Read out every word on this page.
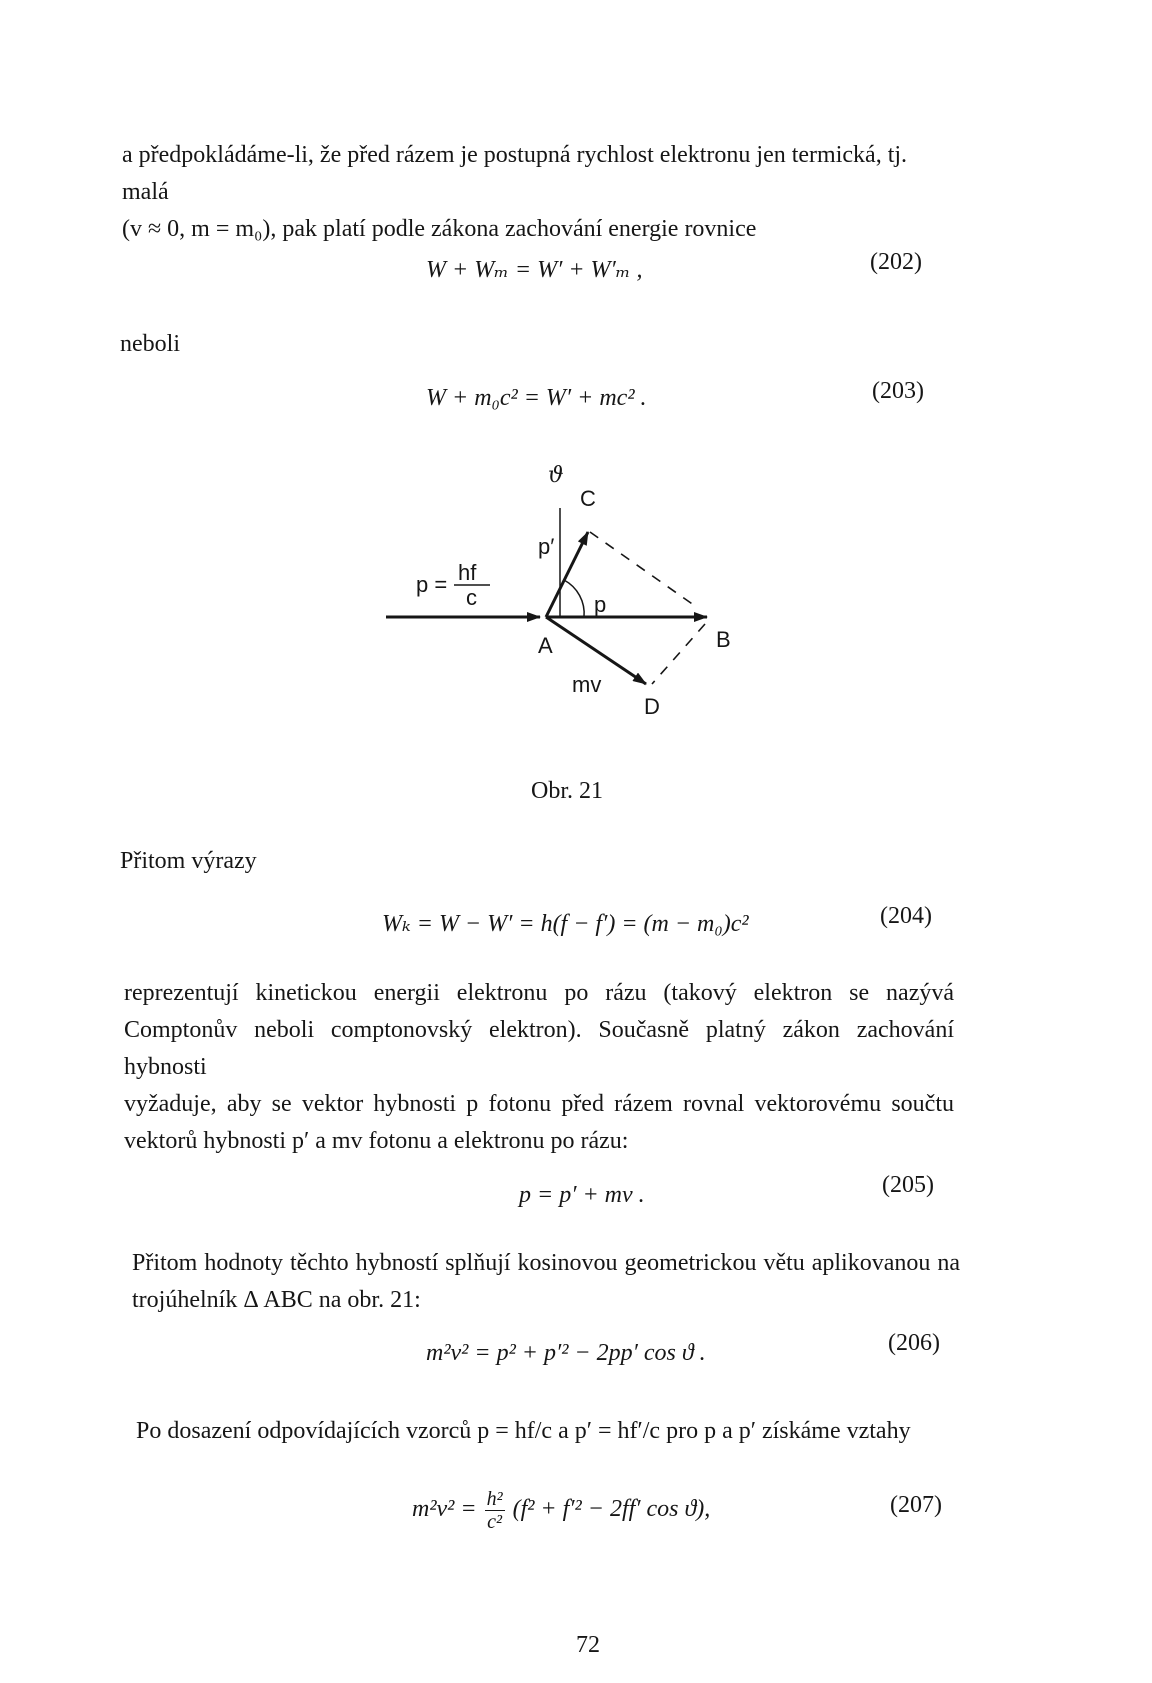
a předpokládáme-li, že před rázem je postupná rychlost elektronu jen termická, tj. malá
(v ≈ 0, m = m₀), pak platí podle zákona zachování energie rovnice

W + Wₘ = W′ + W′ₘ ,	(202)
neboli
W + m₀c² = W′ + mc² .	(203)
ϑ
C
p′
p
A	B
mv
D
p = hf
c
Obr. 21
Přitom výrazy
Wₖ = W − W′ = h(f − f′) = (m − m₀)c²	(204)
reprezentují kinetickou energii elektronu po rázu (takový elektron se nazývá
Comptonův neboli comptonovský elektron). Současně platný zákon zachování hybnosti
vyžaduje, aby se vektor hybnosti p fotonu před rázem rovnal vektorovému součtu
vektorů hybnosti p′ a mv fotonu a elektronu po rázu:
p = p′ + mv .	(205)
Přitom hodnoty těchto hybností splňují kosinovou geometrickou větu aplikovanou na
trojúhelník Δ ABC na obr. 21:
m²v² = p² + p′² − 2pp′ cos ϑ .	(206)
Po dosazení odpovídajících vzorců p = hf/c a p′ = hf′/c pro p a p′ získáme vztahy
$m^2v^2 = \frac{\text{h²}}{\text{c²}} (f^2 + f'^2 - 2ff'$ cos ϑ),	(207)
72
